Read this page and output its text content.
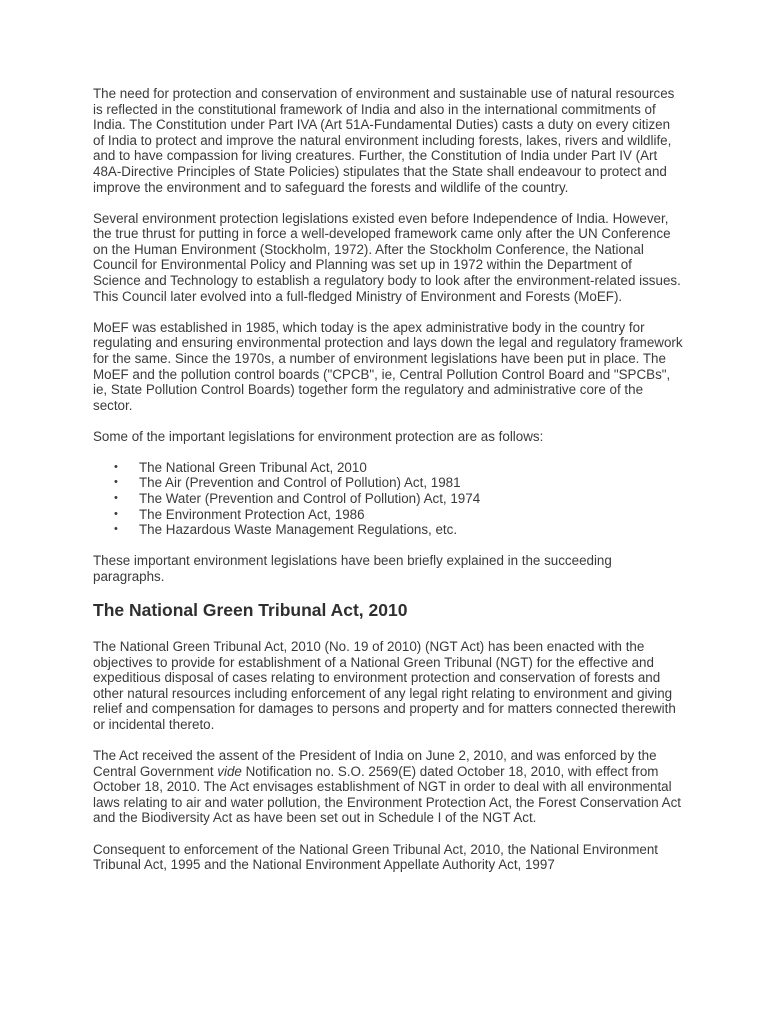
The need for protection and conservation of environment and sustainable use of natural resources is reflected in the constitutional framework of India and also in the international commitments of India. The Constitution under Part IVA (Art 51A-Fundamental Duties) casts a duty on every citizen of India to protect and improve the natural environment including forests, lakes, rivers and wildlife, and to have compassion for living creatures. Further, the Constitution of India under Part IV (Art 48A-Directive Principles of State Policies) stipulates that the State shall endeavour to protect and improve the environment and to safeguard the forests and wildlife of the country.

Several environment protection legislations existed even before Independence of India. However, the true thrust for putting in force a well-developed framework came only after the UN Conference on the Human Environment (Stockholm, 1972). After the Stockholm Conference, the National Council for Environmental Policy and Planning was set up in 1972 within the Department of Science and Technology to establish a regulatory body to look after the environment-related issues. This Council later evolved into a full-fledged Ministry of Environment and Forests (MoEF).

MoEF was established in 1985, which today is the apex administrative body in the country for regulating and ensuring environmental protection and lays down the legal and regulatory framework for the same. Since the 1970s, a number of environment legislations have been put in place. The MoEF and the pollution control boards ("CPCB", ie, Central Pollution Control Board and "SPCBs", ie, State Pollution Control Boards) together form the regulatory and administrative core of the sector.

Some of the important legislations for environment protection are as follows:

• The National Green Tribunal Act, 2010
• The Air (Prevention and Control of Pollution) Act, 1981
• The Water (Prevention and Control of Pollution) Act, 1974
• The Environment Protection Act, 1986
• The Hazardous Waste Management Regulations, etc.

These important environment legislations have been briefly explained in the succeeding paragraphs.

The National Green Tribunal Act, 2010

The National Green Tribunal Act, 2010 (No. 19 of 2010) (NGT Act) has been enacted with the objectives to provide for establishment of a National Green Tribunal (NGT) for the effective and expeditious disposal of cases relating to environment protection and conservation of forests and other natural resources including enforcement of any legal right relating to environment and giving relief and compensation for damages to persons and property and for matters connected therewith or incidental thereto.

The Act received the assent of the President of India on June 2, 2010, and was enforced by the Central Government vide Notification no. S.O. 2569(E) dated October 18, 2010, with effect from October 18, 2010. The Act envisages establishment of NGT in order to deal with all environmental laws relating to air and water pollution, the Environment Protection Act, the Forest Conservation Act and the Biodiversity Act as have been set out in Schedule I of the NGT Act.

Consequent to enforcement of the National Green Tribunal Act, 2010, the National Environment Tribunal Act, 1995 and the National Environment Appellate Authority Act, 1997
